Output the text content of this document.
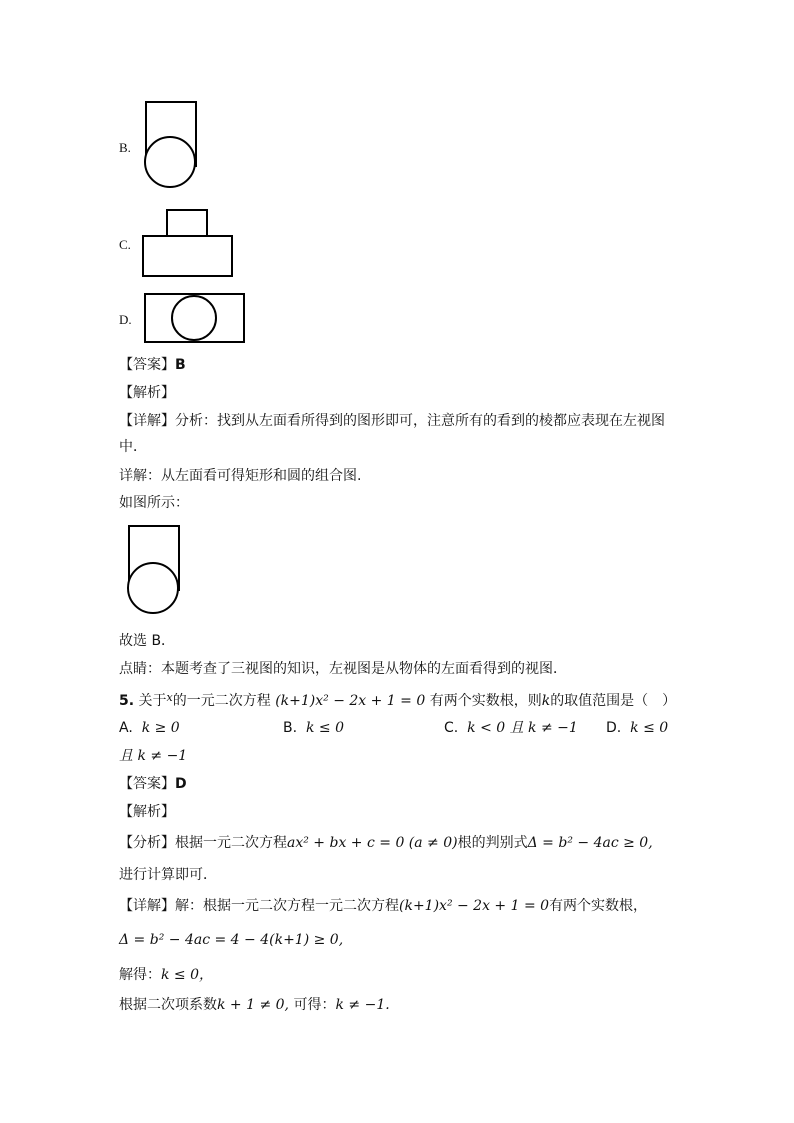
B.
C.
D.
【答案】B
【解析】
【详解】分析：找到从左面看所得到的图形即可，注意所有的看到的棱都应表现在左视图
中．
详解：从左面看可得矩形和圆的组合图.
如图所示：
故选 B．
点睛：本题考查了三视图的知识，左视图是从物体的左面看得到的视图．
5. 关于$^x$的一元二次方程 (k+1)x² − 2x + 1 = 0 有两个实数根，则k的取值范围是（　）
A. k ≥ 0	B. k ≤ 0	C. k < 0 且 k ≠ −1 D. k ≤ 0
且 k ≠ −1
【答案】D
【解析】
【分析】根据一元二次方程ax² + bx + c = 0 (a ≠ 0)根的判别式Δ = b² − 4ac ≥ 0,
进行计算即可．
【详解】解：根据一元二次方程一元二次方程(k+1)x² − 2x + 1 = 0有两个实数根，
Δ = b² − 4ac = 4 − 4(k+1) ≥ 0,
解得：k ≤ 0，
根据二次项系数k + 1 ≠ 0, 可得：k ≠ −1.
